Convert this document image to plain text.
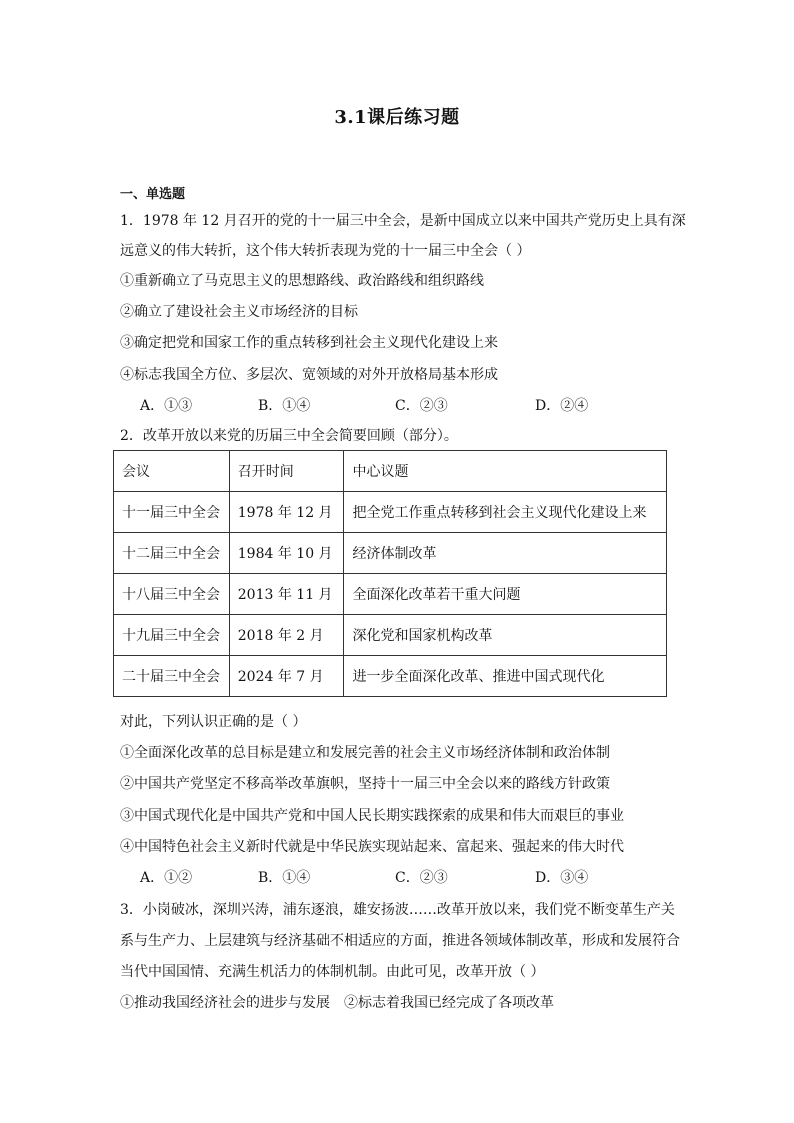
3.1课后练习题
一、单选题
1．1978 年 12 月召开的党的十一届三中全会，是新中国成立以来中国共产党历史上具有深
远意义的伟大转折，这个伟大转折表现为党的十一届三中全会（ ）
①重新确立了马克思主义的思想路线、政治路线和组织路线
②确立了建设社会主义市场经济的目标
③确定把党和国家工作的重点转移到社会主义现代化建设上来
④标志我国全方位、多层次、宽领域的对外开放格局基本形成
A．①③	B．①④	C．②③	D．②④
2．改革开放以来党的历届三中全会简要回顾（部分）。
会议	召开时间	中心议题
十一届三中全会	1978 年 12 月	把全党工作重点转移到社会主义现代化建设上来
十二届三中全会	1984 年 10 月	经济体制改革
十八届三中全会	2013 年 11 月	全面深化改革若干重大问题
十九届三中全会	2018 年 2 月	深化党和国家机构改革
二十届三中全会	2024 年 7 月	进一步全面深化改革、推进中国式现代化
对此，下列认识正确的是（ ）
①全面深化改革的总目标是建立和发展完善的社会主义市场经济体制和政治体制
②中国共产党坚定不移高举改革旗帜，坚持十一届三中全会以来的路线方针政策
③中国式现代化是中国共产党和中国人民长期实践探索的成果和伟大而艰巨的事业
④中国特色社会主义新时代就是中华民族实现站起来、富起来、强起来的伟大时代
A．①②	B．①④	C．②③	D．③④
3．小岗破冰，深圳兴涛，浦东逐浪，雄安扬波……改革开放以来，我们党不断变革生产关
系与生产力、上层建筑与经济基础不相适应的方面，推进各领域体制改革，形成和发展符合
当代中国国情、充满生机活力的体制机制。由此可见，改革开放（ ）
①推动我国经济社会的进步与发展 ②标志着我国已经完成了各项改革
